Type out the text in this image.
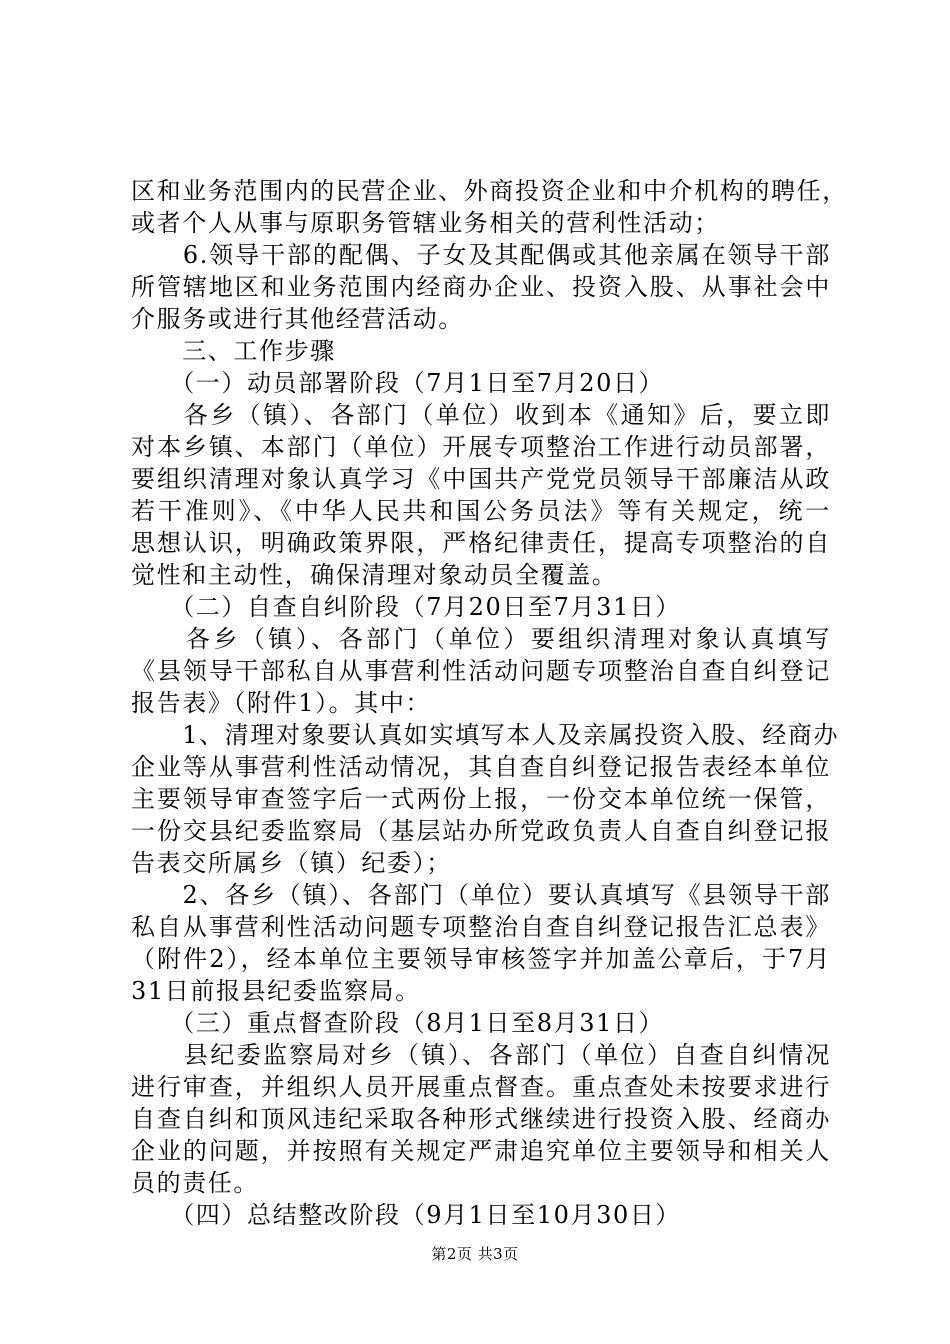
区和业务范围内的民营企业、外商投资企业和中介机构的聘任，
或者个人从事与原职务管辖业务相关的营利性活动；
　　6.领导干部的配偶、子女及其配偶或其他亲属在领导干部
所管辖地区和业务范围内经商办企业、投资入股、从事社会中
介服务或进行其他经营活动。
　　三、工作步骤
　　（一）动员部署阶段（7月1日至7月20日）
　　各乡（镇）、各部门（单位）收到本《通知》后，要立即
对本乡镇、本部门（单位）开展专项整治工作进行动员部署，
要组织清理对象认真学习《中国共产党党员领导干部廉洁从政
若干准则》、《中华人民共和国公务员法》等有关规定，统一
思想认识，明确政策界限，严格纪律责任，提高专项整治的自
觉性和主动性，确保清理对象动员全覆盖。
　　（二）自查自纠阶段（7月20日至7月31日）
　　各乡（镇）、各部门（单位）要组织清理对象认真填写
《县领导干部私自从事营利性活动问题专项整治自查自纠登记
报告表》（附件1）。其中：
　　1、清理对象要认真如实填写本人及亲属投资入股、经商办
企业等从事营利性活动情况，其自查自纠登记报告表经本单位
主要领导审查签字后一式两份上报，一份交本单位统一保管，
一份交县纪委监察局（基层站办所党政负责人自查自纠登记报
告表交所属乡（镇）纪委）；
　　2、各乡（镇）、各部门（单位）要认真填写《县领导干部
私自从事营利性活动问题专项整治自查自纠登记报告汇总表》
（附件2），经本单位主要领导审核签字并加盖公章后，于7月
31日前报县纪委监察局。
　　（三）重点督查阶段（8月1日至8月31日）
　　县纪委监察局对乡（镇）、各部门（单位）自查自纠情况
进行审查，并组织人员开展重点督查。重点查处未按要求进行
自查自纠和顶风违纪采取各种形式继续进行投资入股、经商办
企业的问题，并按照有关规定严肃追究单位主要领导和相关人
员的责任。
　　（四）总结整改阶段（9月1日至10月30日）
第2页 共3页
